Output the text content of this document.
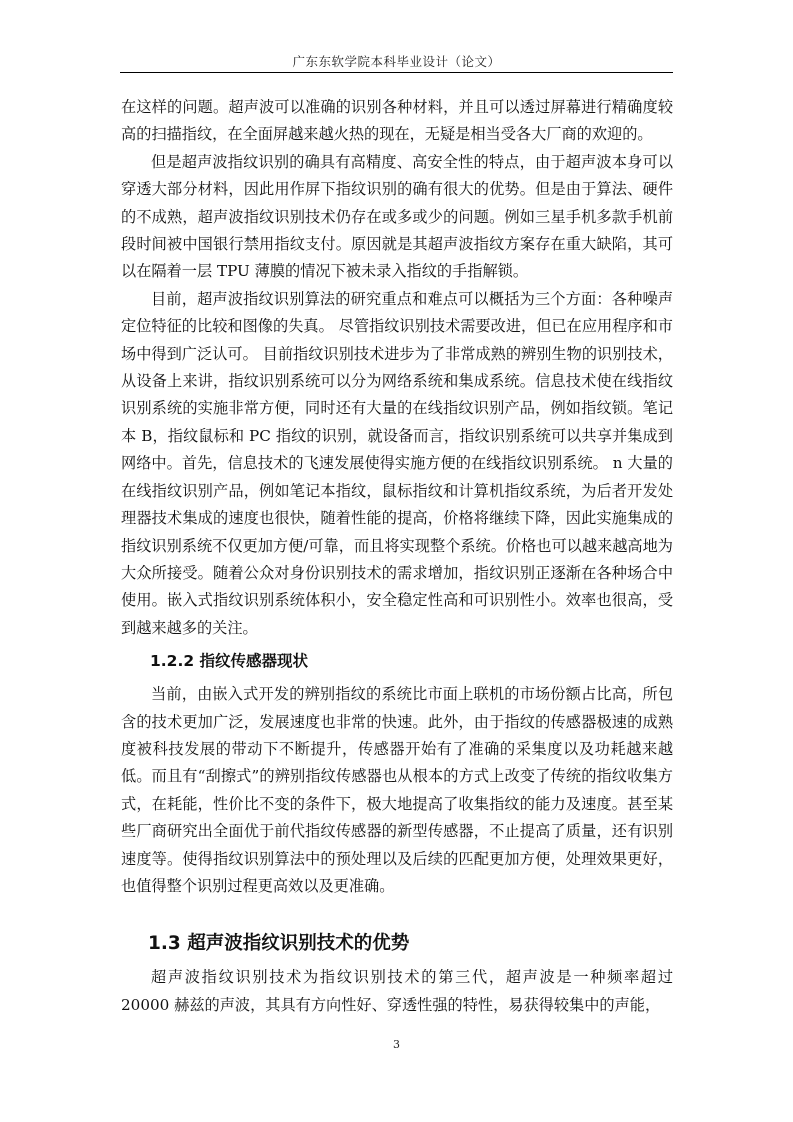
广东东软学院本科毕业设计（论文）

在这样的问题。超声波可以准确的识别各种材料，并且可以透过屏幕进行精确度较高的扫描指纹，在全面屏越来越火热的现在，无疑是相当受各大厂商的欢迎的。

但是超声波指纹识别的确具有高精度、高安全性的特点，由于超声波本身可以穿透大部分材料，因此用作屏下指纹识别的确有很大的优势。但是由于算法、硬件的不成熟，超声波指纹识别技术仍存在或多或少的问题。例如三星手机多款手机前段时间被中国银行禁用指纹支付。原因就是其超声波指纹方案存在重大缺陷，其可以在隔着一层 TPU 薄膜的情况下被未录入指纹的手指解锁。

目前，超声波指纹识别算法的研究重点和难点可以概括为三个方面：各种噪声定位特征的比较和图像的失真。 尽管指纹识别技术需要改进，但已在应用程序和市场中得到广泛认可。 目前指纹识别技术进步为了非常成熟的辨别生物的识别技术，从设备上来讲，指纹识别系统可以分为网络系统和集成系统。信息技术使在线指纹识别系统的实施非常方便，同时还有大量的在线指纹识别产品，例如指纹锁。笔记本 B，指纹鼠标和 PC 指纹的识别，就设备而言，指纹识别系统可以共享并集成到网络中。首先，信息技术的飞速发展使得实施方便的在线指纹识别系统。 n 大量的在线指纹识别产品，例如笔记本指纹，鼠标指纹和计算机指纹系统，为后者开发处理器技术集成的速度也很快，随着性能的提高，价格将继续下降，因此实施集成的指纹识别系统不仅更加方便/可靠，而且将实现整个系统。价格也可以越来越高地为大众所接受。随着公众对身份识别技术的需求增加，指纹识别正逐渐在各种场合中使用。嵌入式指纹识别系统体积小，安全稳定性高和可识别性小。效率也很高，受到越来越多的关注。

1.2.2 指纹传感器现状

当前，由嵌入式开发的辨别指纹的系统比市面上联机的市场份额占比高，所包含的技术更加广泛，发展速度也非常的快速。此外，由于指纹的传感器极速的成熟度被科技发展的带动下不断提升，传感器开始有了准确的采集度以及功耗越来越低。而且有“刮擦式”的辨别指纹传感器也从根本的方式上改变了传统的指纹收集方式，在耗能，性价比不变的条件下，极大地提高了收集指纹的能力及速度。甚至某些厂商研究出全面优于前代指纹传感器的新型传感器，不止提高了质量，还有识别速度等。使得指纹识别算法中的预处理以及后续的匹配更加方便，处理效果更好，也值得整个识别过程更高效以及更准确。

1.3 超声波指纹识别技术的优势

超声波指纹识别技术为指纹识别技术的第三代，超声波是一种频率超过 20000 赫兹的声波，其具有方向性好、穿透性强的特性，易获得较集中的声能，

3
